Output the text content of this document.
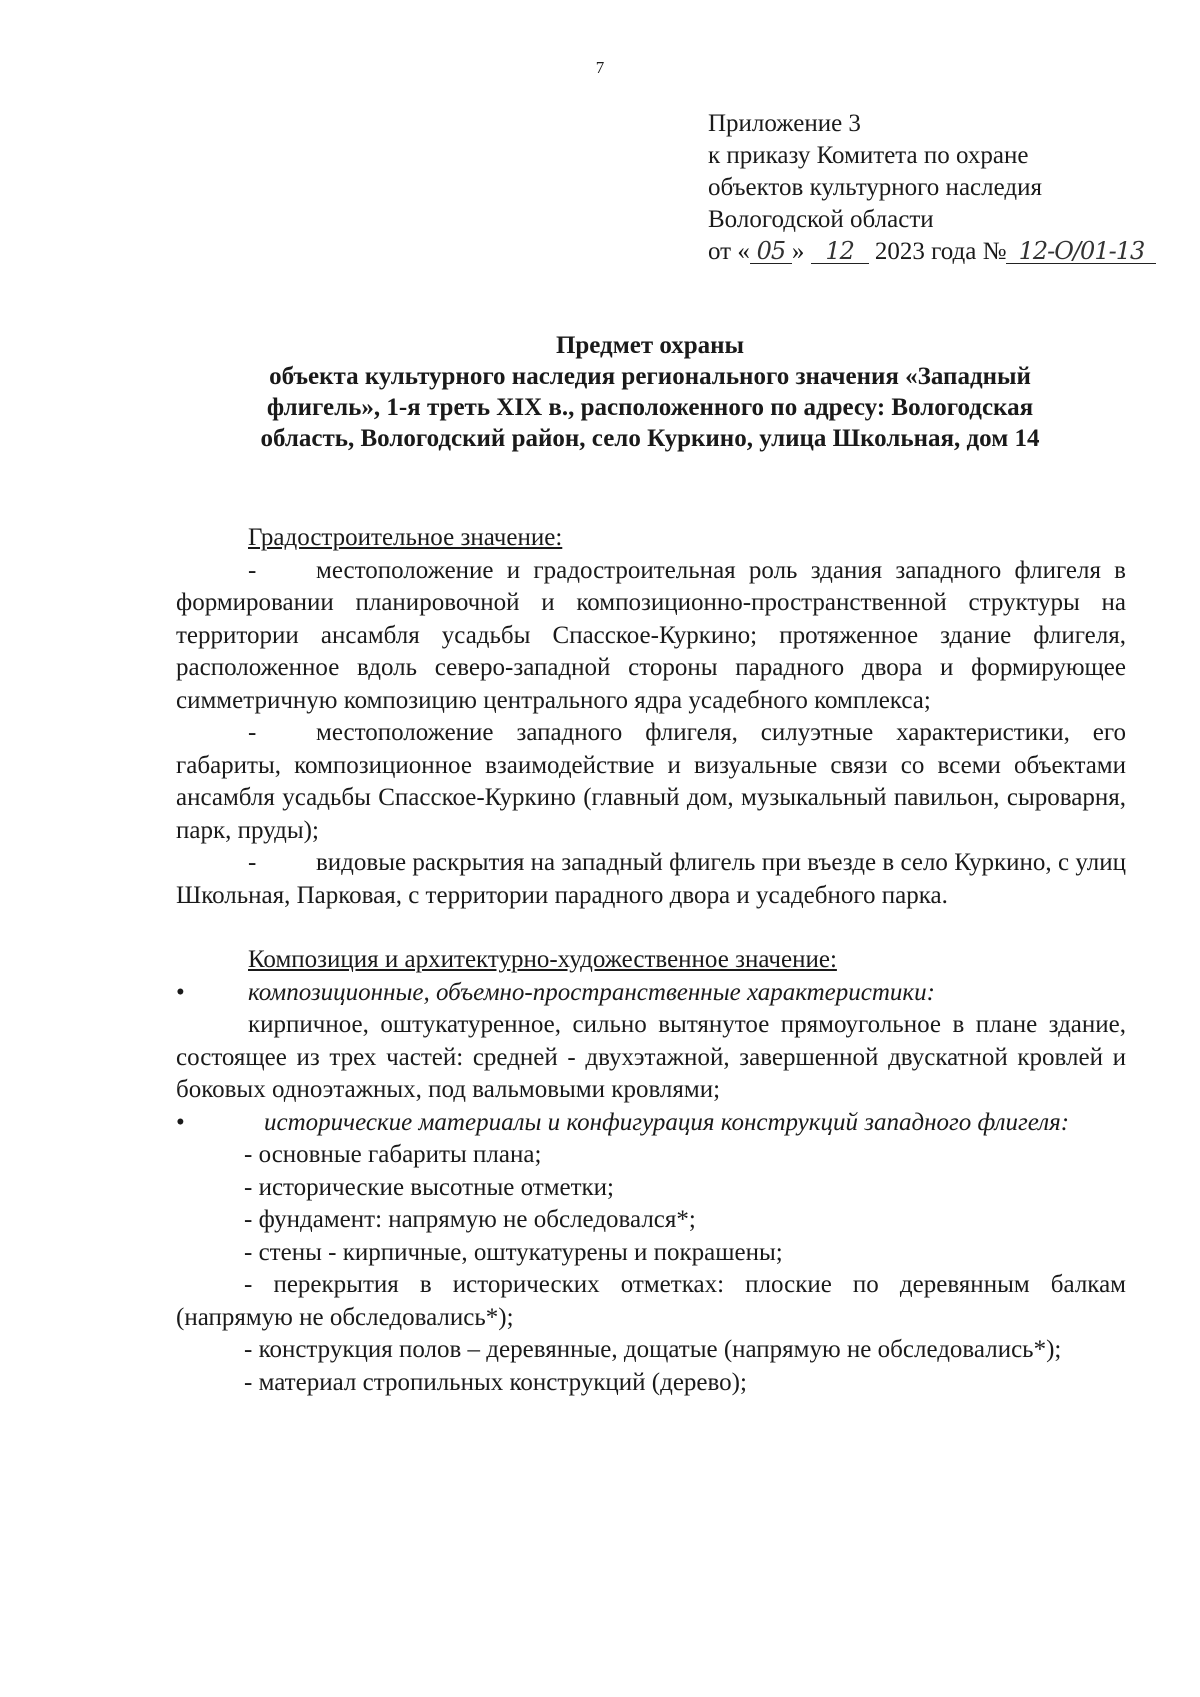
7
Приложение 3
к приказу Комитета по охране
объектов культурного наследия
Вологодской области
от « 05 » 12 2023 года № 12-О/01-13
Предмет охраны
объекта культурного наследия регионального значения «Западный
флигель», 1-я треть XIX в., расположенного по адресу: Вологодская
область, Вологодский район, село Куркино, улица Школьная, дом 14
Градостроительное значение:
- местоположение и градостроительная роль здания западного флигеля в формировании планировочной и композиционно-пространственной структуры на территории ансамбля усадьбы Спасское-Куркино; протяженное здание флигеля, расположенное вдоль северо-западной стороны парадного двора и формирующее симметричную композицию центрального ядра усадебного комплекса;
- местоположение западного флигеля, силуэтные характеристики, его габариты, композиционное взаимодействие и визуальные связи со всеми объектами ансамбля усадьбы Спасское-Куркино (главный дом, музыкальный павильон, сыроварня, парк, пруды);
- видовые раскрытия на западный флигель при въезде в село Куркино, с улиц Школьная, Парковая, с территории парадного двора и усадебного парка.
Композиция и архитектурно-художественное значение:
•	композиционные, объемно-пространственные характеристики:
кирпичное, оштукатуренное, сильно вытянутое прямоугольное в плане здание, состоящее из трех частей: средней - двухэтажной, завершенной двускатной кровлей и боковых одноэтажных, под вальмовыми кровлями;
•	исторические материалы и конфигурация конструкций западного флигеля:
- основные габариты плана;
- исторические высотные отметки;
- фундамент: напрямую не обследовался*;
- стены - кирпичные, оштукатурены и покрашены;
- перекрытия в исторических отметках: плоские по деревянным балкам (напрямую не обследовались*);
- конструкция полов – деревянные, дощатые (напрямую не обследовались*);
- материал стропильных конструкций (дерево);
